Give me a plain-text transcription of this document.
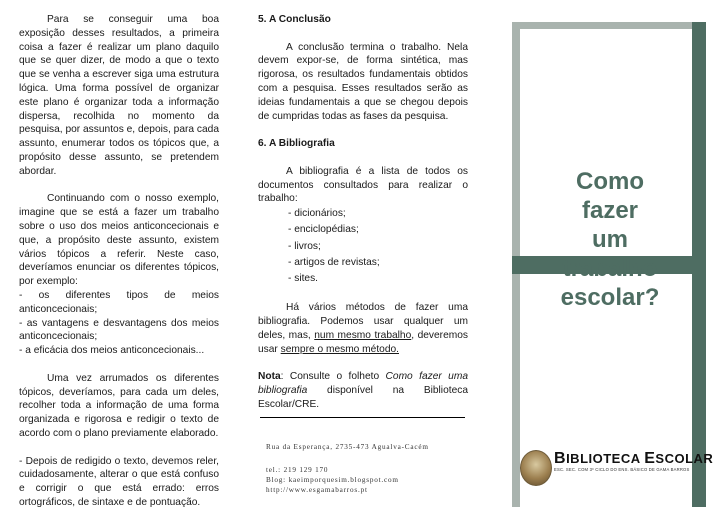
Para se conseguir uma boa exposição desses resultados, a primeira coisa a fazer é realizar um plano daquilo que se quer dizer, de modo a que o texto que se venha a escrever siga uma estrutura lógica. Uma forma possível de organizar este plano é organizar toda a informação dispersa, recolhida no momento da pesquisa, por assuntos e, depois, para cada assunto, enumerar todos os tópicos que, a propósito desse assunto, se pretendem abordar.

Continuando com o nosso exemplo, imagine que se está a fazer um trabalho sobre o uso dos meios anticoncecionais e que, a propósito deste assunto, existem vários tópicos a referir. Neste caso, deveríamos enunciar os diferentes tópicos, por exemplo:

- os diferentes tipos de meios anticoncecionais;

- as vantagens e desvantagens dos meios anticoncecionais;

- a eficácia dos meios anticoncecionais...

Uma vez arrumados os diferentes tópicos, deveríamos, para cada um deles, recolher toda a informação de uma forma organizada e rigorosa e redigir o texto de acordo com o plano previamente elaborado.

- Depois de redigido o texto, devemos reler, cuidadosamente, alterar o que está confuso e corrigir o que está errado: erros ortográficos, de sintaxe e de pontuação.

5. A Conclusão

A conclusão termina o trabalho. Nela devem expor-se, de forma sintética, mas rigorosa, os resultados fundamentais obtidos com a pesquisa. Esses resultados serão as ideias fundamentais a que se chegou depois de cumpridas todas as fases da pesquisa.

6. A Bibliografia

A bibliografia é a lista de todos os documentos consultados para realizar o trabalho:

- dicionários;
- enciclopédias;
- livros;
- artigos de revistas;
- sites.

Há vários métodos de fazer uma bibliografia. Podemos usar qualquer um deles, mas, num mesmo trabalho, deveremos usar sempre o mesmo método.

Nota: Consulte o folheto Como fazer uma bibliografia disponível na Biblioteca Escolar/CRE.

Rua da Esperança, 2735-473 Agualva-Cacém
tel.: 219 129 170
Blog: kaeimporquesim.blogspot.com
http://www.esgamabarros.pt
Como
fazer
um
trabalho
escolar?
BIBLIOTECA ESCOLAR
ESC. SEC. COM 3º CICLO DO ENS. BÁSICO DE GAMA BARROS
